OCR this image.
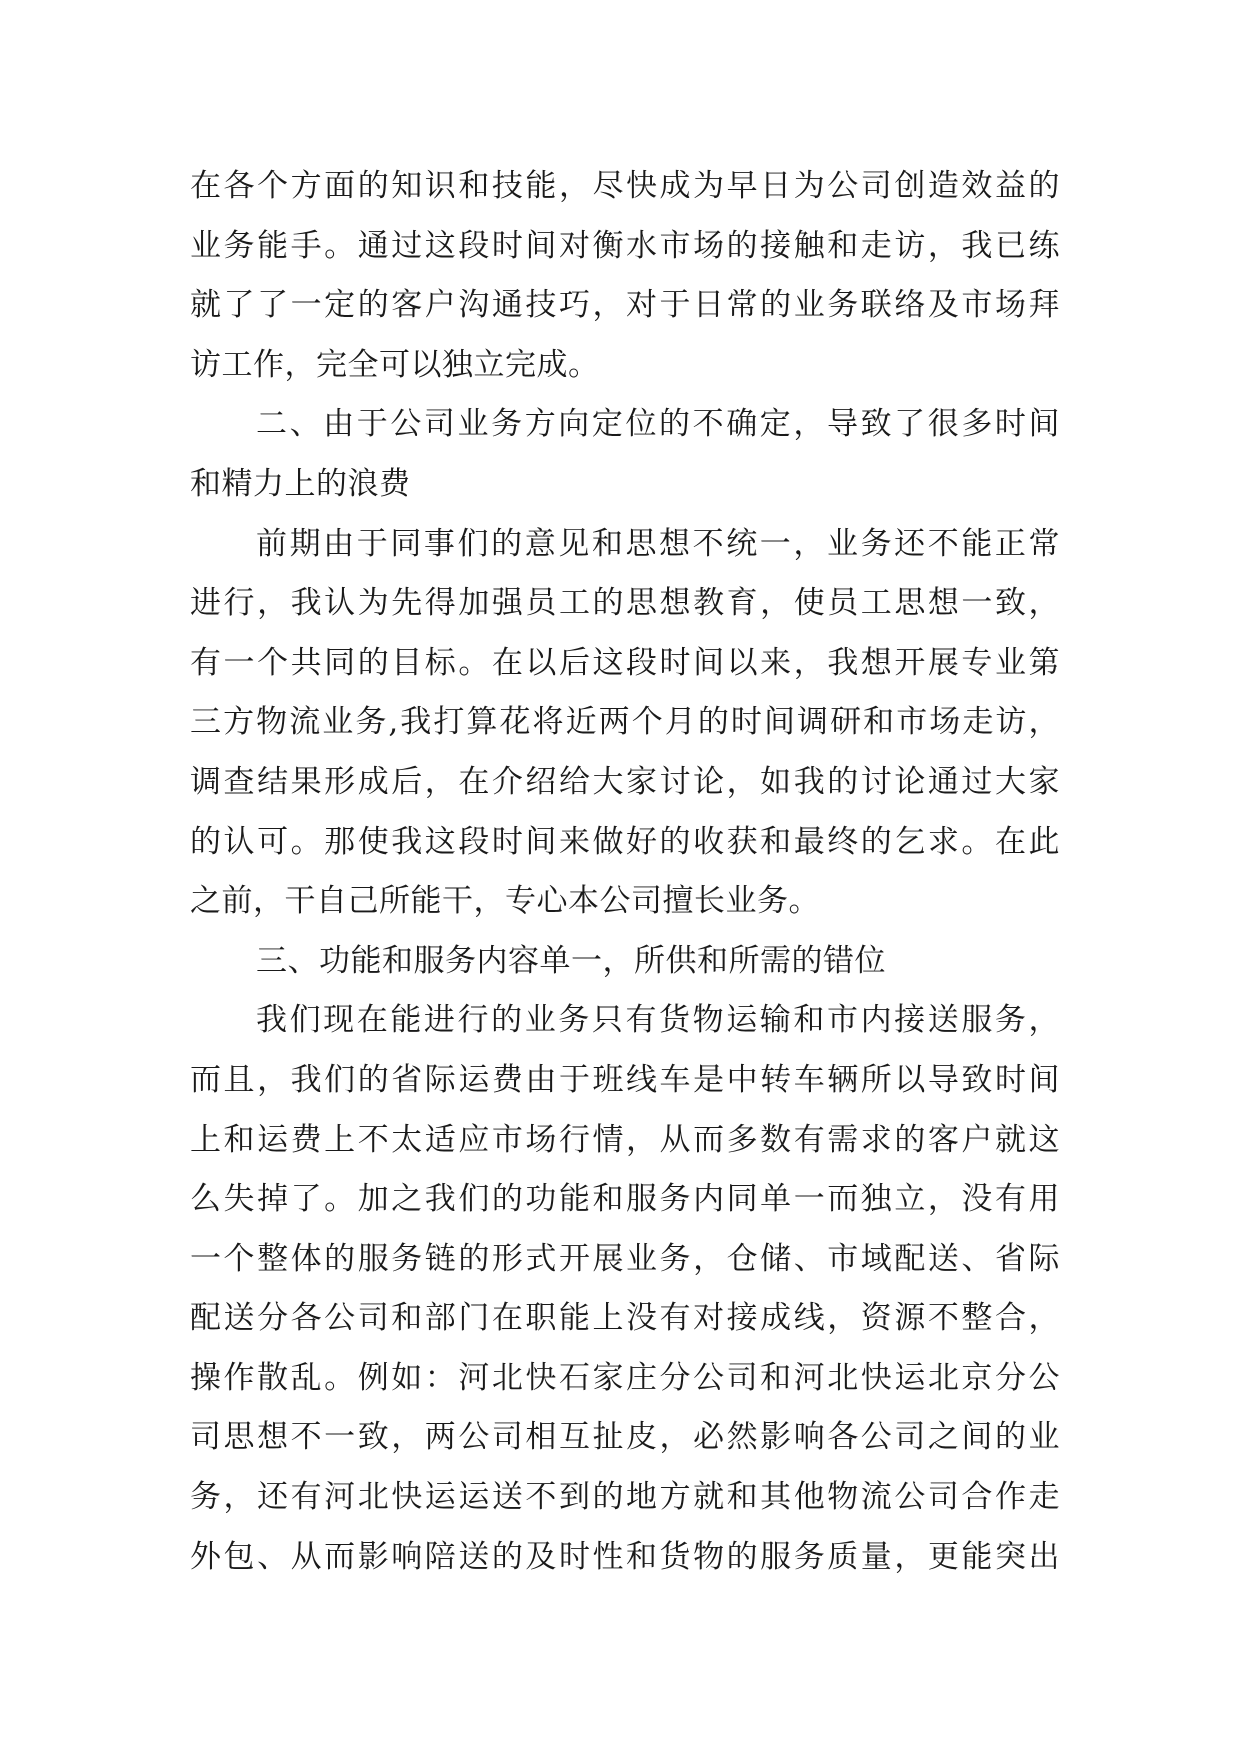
在各个方面的知识和技能，尽快成为早日为公司创造效益的
业务能手。通过这段时间对衡水市场的接触和走访，我已练
就了了一定的客户沟通技巧，对于日常的业务联络及市场拜
访工作，完全可以独立完成。
二、由于公司业务方向定位的不确定，导致了很多时间
和精力上的浪费
前期由于同事们的意见和思想不统一，业务还不能正常
进行，我认为先得加强员工的思想教育，使员工思想一致，
有一个共同的目标。在以后这段时间以来，我想开展专业第
三方物流业务,我打算花将近两个月的时间调研和市场走访，
调查结果形成后，在介绍给大家讨论，如我的讨论通过大家
的认可。那使我这段时间来做好的收获和最终的乞求。在此
之前，干自己所能干，专心本公司擅长业务。
三、功能和服务内容单一，所供和所需的错位
我们现在能进行的业务只有货物运输和市内接送服务，
而且，我们的省际运费由于班线车是中转车辆所以导致时间
上和运费上不太适应市场行情，从而多数有需求的客户就这
么失掉了。加之我们的功能和服务内同单一而独立，没有用
一个整体的服务链的形式开展业务，仓储、市域配送、省际
配送分各公司和部门在职能上没有对接成线，资源不整合，
操作散乱。例如：河北快石家庄分公司和河北快运北京分公
司思想不一致，两公司相互扯皮，必然影响各公司之间的业
务，还有河北快运运送不到的地方就和其他物流公司合作走
外包、从而影响陪送的及时性和货物的服务质量，更能突出
